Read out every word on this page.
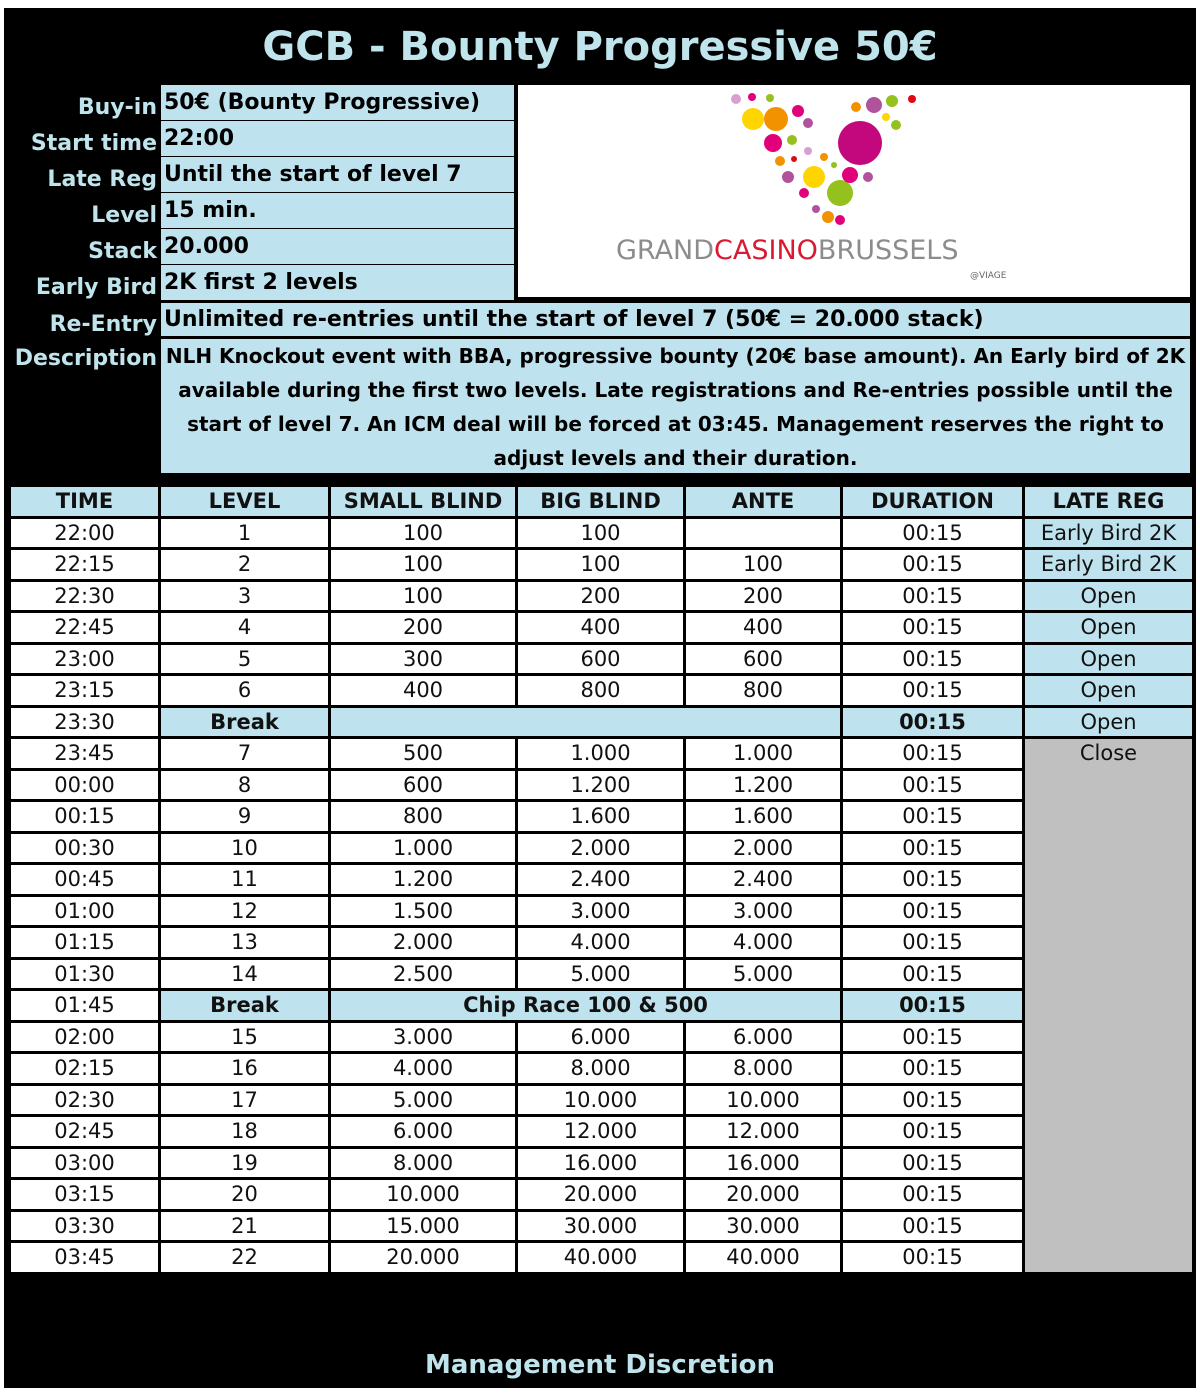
GCB - Bounty Progressive 50€
Buy-in 50€ (Bounty Progressive)
Start time 22:00
Late Reg Until the start of level 7
Level 15 min.
Stack 20.000
Early Bird 2K first 2 levels
Re-Entry Unlimited re-entries until the start of level 7 (50€ = 20.000 stack)
Description NLH Knockout event with BBA, progressive bounty (20€ base amount). An Early bird of 2K available during the first two levels. Late registrations and Re-entries possible until the start of level 7. An ICM deal will be forced at 03:45. Management reserves the right to adjust levels and their duration.
GRANDCASINOBRUSSELS
@VIAGE
TIME	LEVEL	SMALL BLIND	BIG BLIND	ANTE	DURATION	LATE REG
22:00	1	100	100		00:15	Early Bird 2K
22:15	2	100	100	100	00:15	Early Bird 2K
22:30	3	100	200	200	00:15	Open
22:45	4	200	400	400	00:15	Open
23:00	5	300	600	600	00:15	Open
23:15	6	400	800	800	00:15	Open
23:30	Break				00:15	Open
23:45	7	500	1.000	1.000	00:15	Close
00:00	8	600	1.200	1.200	00:15	
00:15	9	800	1.600	1.600	00:15	
00:30	10	1.000	2.000	2.000	00:15	
00:45	11	1.200	2.400	2.400	00:15	
01:00	12	1.500	3.000	3.000	00:15	
01:15	13	2.000	4.000	4.000	00:15	
01:30	14	2.500	5.000	5.000	00:15	
01:45	Break	Chip Race 100 & 500			00:15	
02:00	15	3.000	6.000	6.000	00:15	
02:15	16	4.000	8.000	8.000	00:15	
02:30	17	5.000	10.000	10.000	00:15	
02:45	18	6.000	12.000	12.000	00:15	
03:00	19	8.000	16.000	16.000	00:15	
03:15	20	10.000	20.000	20.000	00:15	
03:30	21	15.000	30.000	30.000	00:15	
03:45	22	20.000	40.000	40.000	00:15	
Management Discretion
